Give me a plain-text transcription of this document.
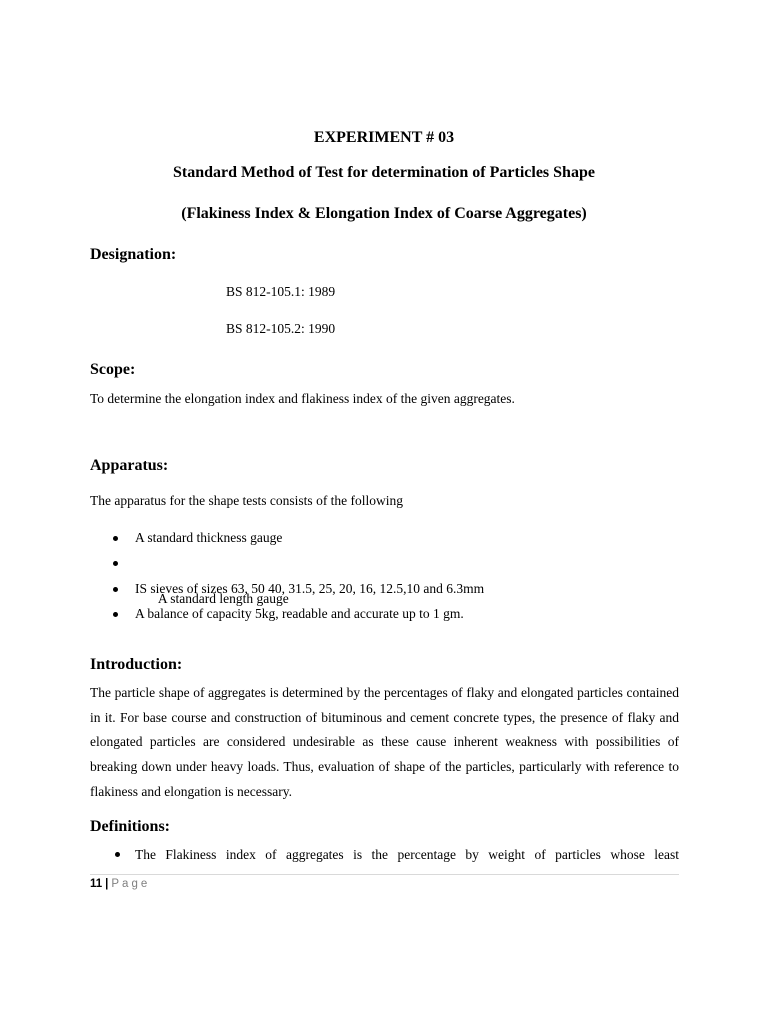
EXPERIMENT # 03
Standard Method of Test for determination of Particles Shape
(Flakiness Index & Elongation Index of Coarse Aggregates)
Designation:

BS 812-105.1: 1989

BS 812-105.2: 1990

Scope:

To determine the elongation index and flakiness index of the given aggregates.

Apparatus:

The apparatus for the shape tests consists of the following

A standard thickness gauge

A standard length gauge

IS sieves of sizes 63, 50 40, 31.5, 25, 20, 16, 12.5,10 and 6.3mm
A balance of capacity 5kg, readable and accurate up to 1 gm.
Introduction:

The particle shape of aggregates is determined by the percentages of flaky and elongated particles contained in it. For base course and construction of bituminous and cement concrete types, the presence of flaky and elongated particles are considered undesirable as these cause inherent weakness with possibilities of breaking down under heavy loads. Thus, evaluation of shape of the particles, particularly with reference to flakiness and elongation is necessary.

Definitions:

The Flakiness index of aggregates is the percentage by weight of particles whose least

11 | Page
